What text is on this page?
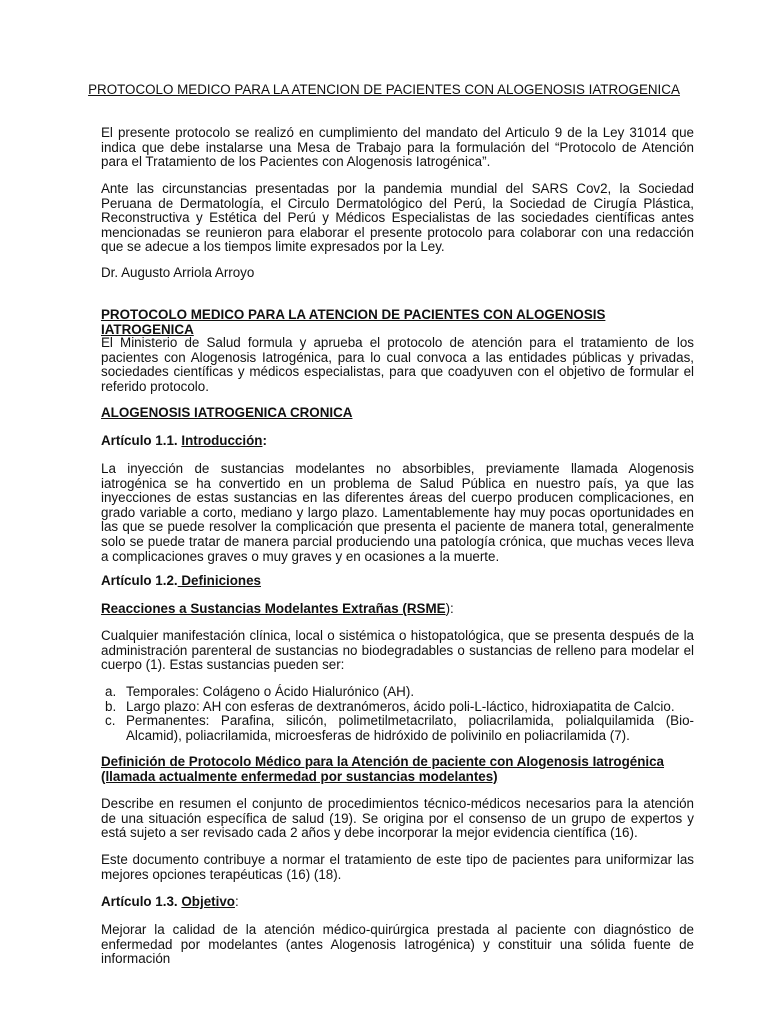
PROTOCOLO MEDICO PARA LA ATENCION DE PACIENTES CON ALOGENOSIS IATROGENICA

El presente protocolo se realizó en cumplimiento del mandato del Articulo 9 de la Ley 31014 que indica que debe instalarse una Mesa de Trabajo para la formulación del “Protocolo de Atención para el Tratamiento de los Pacientes con Alogenosis Iatrogénica”.

Ante las circunstancias presentadas por la pandemia mundial del SARS Cov2, la Sociedad Peruana de Dermatología, el Circulo Dermatológico del Perú, la Sociedad de Cirugía Plástica, Reconstructiva y Estética del Perú y Médicos Especialistas de las sociedades científicas antes mencionadas se reunieron para elaborar el presente protocolo para colaborar con una redacción que se adecue a los tiempos limite expresados por la Ley.

Dr. Augusto Arriola Arroyo

PROTOCOLO MEDICO PARA LA ATENCION DE PACIENTES CON ALOGENOSIS IATROGENICA

El Ministerio de Salud formula y aprueba el protocolo de atención para el tratamiento de los pacientes con Alogenosis Iatrogénica, para lo cual convoca a las entidades públicas y privadas, sociedades científicas y médicos especialistas, para que coadyuven con el objetivo de formular el referido protocolo.

ALOGENOSIS IATROGENICA CRONICA

Artículo 1.1. Introducción:

La inyección de sustancias modelantes no absorbibles, previamente llamada Alogenosis iatrogénica se ha convertido en un problema de Salud Pública en nuestro país, ya que las inyecciones de estas sustancias en las diferentes áreas del cuerpo producen complicaciones, en grado variable a corto, mediano y largo plazo. Lamentablemente hay muy pocas oportunidades en las que se puede resolver la complicación que presenta el paciente de manera total, generalmente solo se puede tratar de manera parcial produciendo una patología crónica, que muchas veces lleva a complicaciones graves o muy graves y en ocasiones a la muerte.

Artículo 1.2. Definiciones

Reacciones a Sustancias Modelantes Extrañas (RSME):

Cualquier manifestación clínica, local o sistémica o histopatológica, que se presenta después de la administración parenteral de sustancias no biodegradables o sustancias de relleno para modelar el cuerpo (1). Estas sustancias pueden ser:

a. Temporales: Colágeno o Ácido Hialurónico (AH).
b. Largo plazo: AH con esferas de dextranómeros, ácido poli-L-láctico, hidroxiapatita de Calcio.
c. Permanentes: Parafina, silicón, polimetilmetacrilato, poliacrilamida, polialquilamida (Bio-Alcamid), poliacrilamida, microesferas de hidróxido de polivinilo en poliacrilamida (7).

Definición de Protocolo Médico para la Atención de paciente con Alogenosis Iatrogénica
(llamada actualmente enfermedad por sustancias modelantes)

Describe en resumen el conjunto de procedimientos técnico-médicos necesarios para la atención de una situación específica de salud (19). Se origina por el consenso de un grupo de expertos y está sujeto a ser revisado cada 2 años y debe incorporar la mejor evidencia científica (16).

Este documento contribuye a normar el tratamiento de este tipo de pacientes para uniformizar las mejores opciones terapéuticas (16) (18).

Artículo 1.3. Objetivo:

Mejorar la calidad de la atención médico-quirúrgica prestada al paciente con diagnóstico de enfermedad por modelantes (antes Alogenosis Iatrogénica) y constituir una sólida fuente de información
